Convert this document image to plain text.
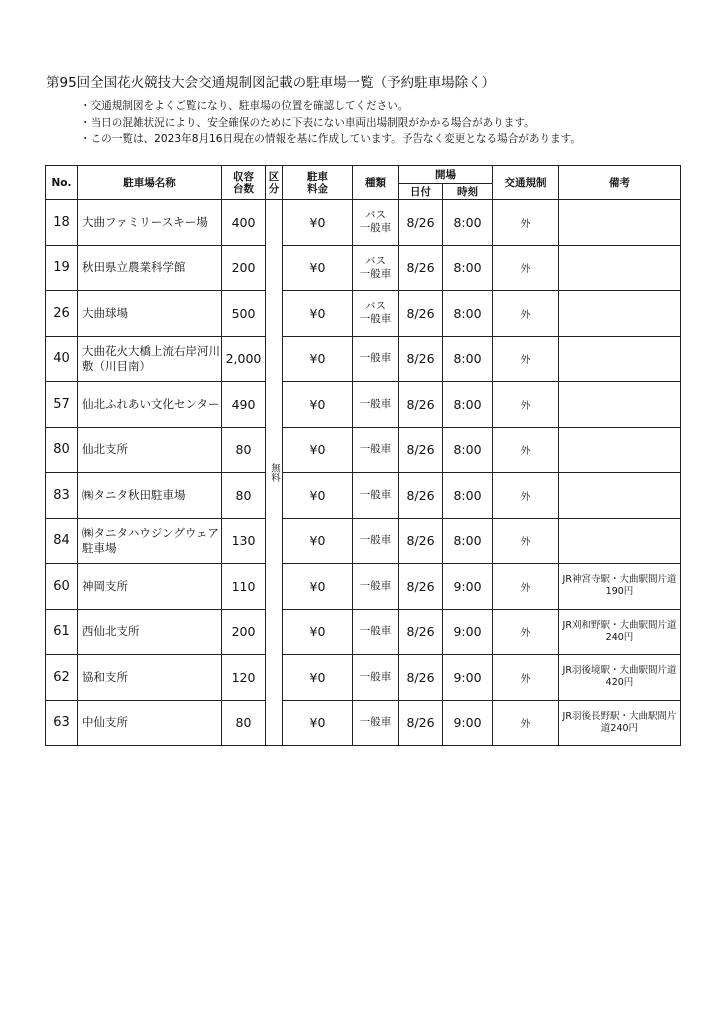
第95回全国花火競技大会交通規制図記載の駐車場一覧（予約駐車場除く）
・交通規制図をよくご覧になり、駐車場の位置を確認してください。
・当日の混雑状況により、安全確保のために下表にない車両出場制限がかかる場合があります。
・この一覧は、2023年8月16日現在の情報を基に作成しています。予告なく変更となる場合があります。
No.	駐車場名称	収容台数	区分	駐車料金	種類	開場		交通規制	備考
						日付	時刻		
18	大曲ファミリースキー場	400	無料	¥0	バス
一般車	8/26	8:00	外	
19	秋田県立農業科学館	200		¥0	バス
一般車	8/26	8:00	外	
26	大曲球場	500		¥0	バス
一般車	8/26	8:00	外	
40	大曲花火大橋上流右岸河川敷（川目南）	2,000		¥0	一般車	8/26	8:00	外	
57	仙北ふれあい文化センター	490		¥0	一般車	8/26	8:00	外	
80	仙北支所	80		¥0	一般車	8/26	8:00	外	
83	㈱タニタ秋田駐車場	80		¥0	一般車	8/26	8:00	外	
84	㈱タニタハウジングウェア駐車場	130		¥0	一般車	8/26	8:00	外	
60	神岡支所	110		¥0	一般車	8/26	9:00	外	JR神宮寺駅・大曲駅間片道190円
61	西仙北支所	200		¥0	一般車	8/26	9:00	外	JR刈和野駅・大曲駅間片道240円
62	協和支所	120		¥0	一般車	8/26	9:00	外	JR羽後境駅・大曲駅間片道420円
63	中仙支所	80		¥0	一般車	8/26	9:00	外	JR羽後長野駅・大曲駅間片道240円
